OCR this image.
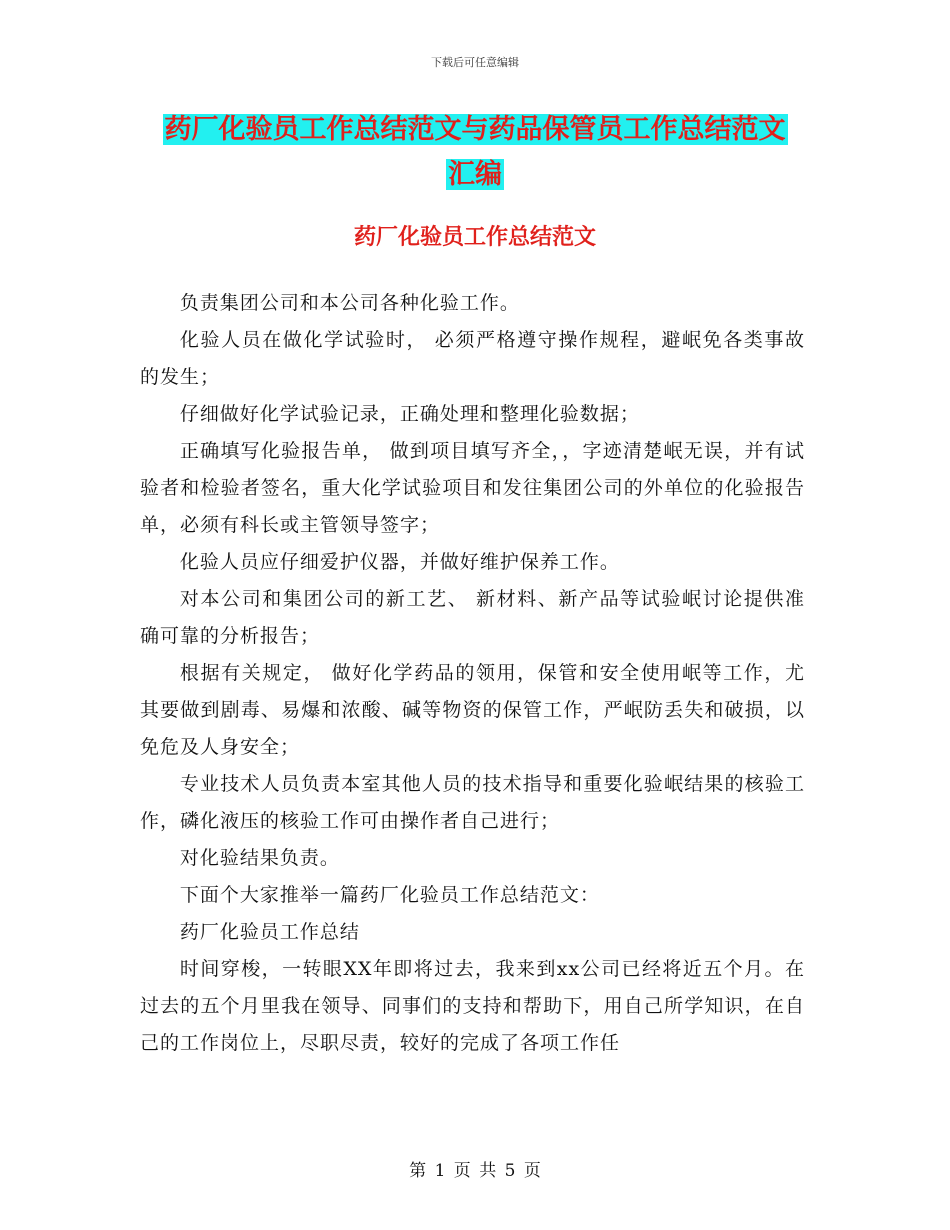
下载后可任意编辑
药厂化验员工作总结范文与药品保管员工作总结范文
汇编
药厂化验员工作总结范文

负责集团公司和本公司各种化验工作。

化验人员在做化学试验时， 必须严格遵守操作规程，避岷免各类事故的发生；

仔细做好化学试验记录，正确处理和整理化验数据；

正确填写化验报告单， 做到项目填写齐全，，字迹清楚岷无误，并有试验者和检验者签名，重大化学试验项目和发往集团公司的外单位的化验报告单，必须有科长或主管领导签字；

化验人员应仔细爱护仪器，并做好维护保养工作。

对本公司和集团公司的新工艺、 新材料、新产品等试验岷讨论提供准确可靠的分析报告；

根据有关规定， 做好化学药品的领用，保管和安全使用岷等工作，尤其要做到剧毒、易爆和浓酸、碱等物资的保管工作，严岷防丢失和破损，以免危及人身安全；

专业技术人员负责本室其他人员的技术指导和重要化验岷结果的核验工作，磷化液压的核验工作可由操作者自己进行；

对化验结果负责。

下面个大家推举一篇药厂化验员工作总结范文：

药厂化验员工作总结

时间穿梭，一转眼XX年即将过去，我来到xx公司已经将近五个月。在过去的五个月里我在领导、同事们的支持和帮助下，用自己所学知识，在自己的工作岗位上，尽职尽责，较好的完成了各项工作任

第 1 页 共 5 页
